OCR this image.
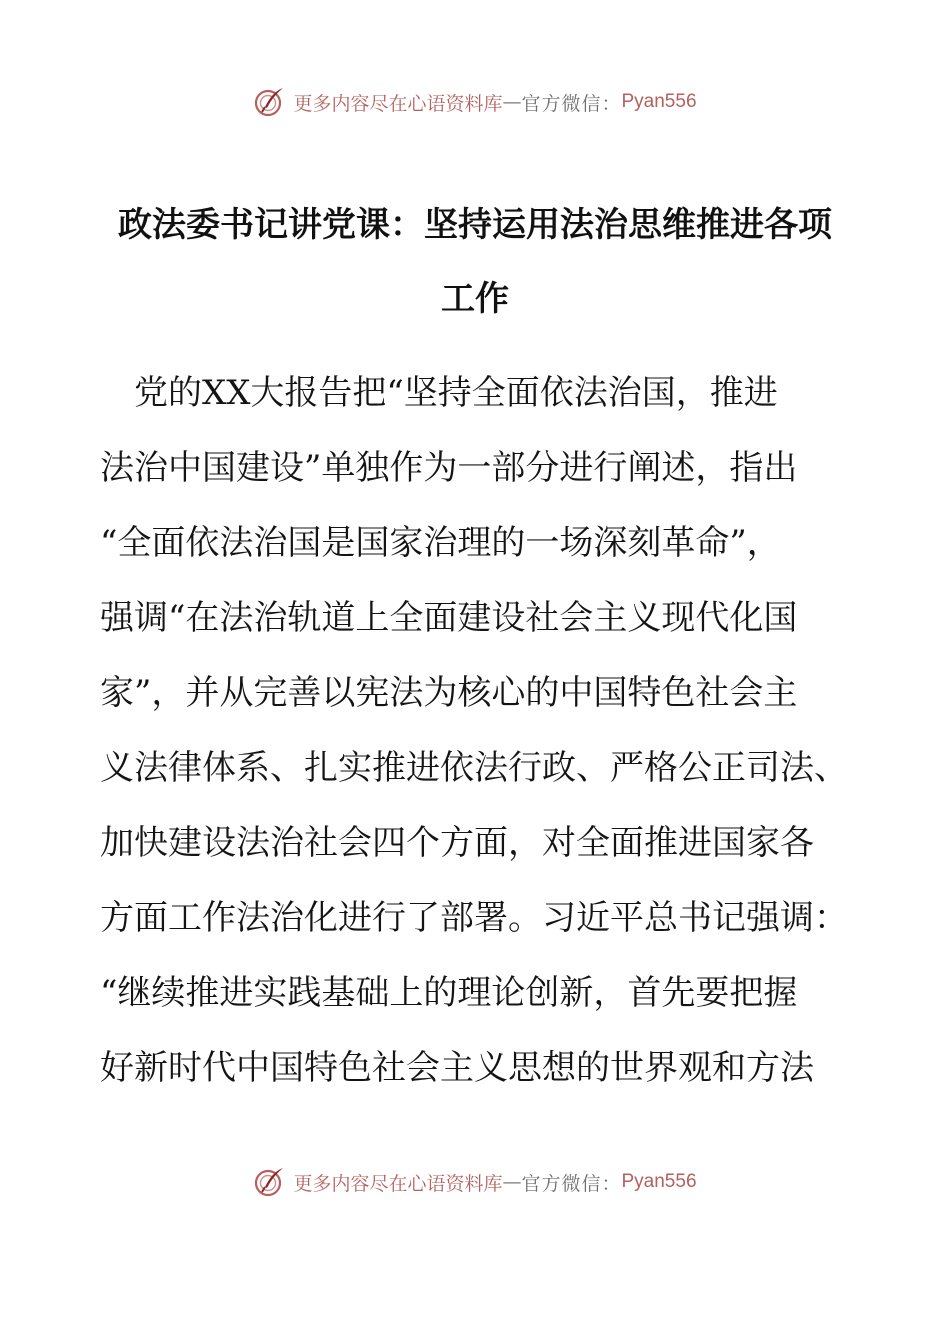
更多内容尽在心语资料库 — 官方微信： Pyan556
政法委书记讲党课：坚持运用法治思维推进各项
工作
　党的XX大报告把“坚持全面依法治国，推进
法治中国建设”单独作为一部分进行阐述，指出
“全面依法治国是国家治理的一场深刻革命”，
强调“在法治轨道上全面建设社会主义现代化国
家”，并从完善以宪法为核心的中国特色社会主
义法律体系、扎实推进依法行政、严格公正司法、
加快建设法治社会四个方面，对全面推进国家各
方面工作法治化进行了部署。习近平总书记强调：
“继续推进实践基础上的理论创新，首先要把握
好新时代中国特色社会主义思想的世界观和方法
更多内容尽在心语资料库 — 官方微信： Pyan556
